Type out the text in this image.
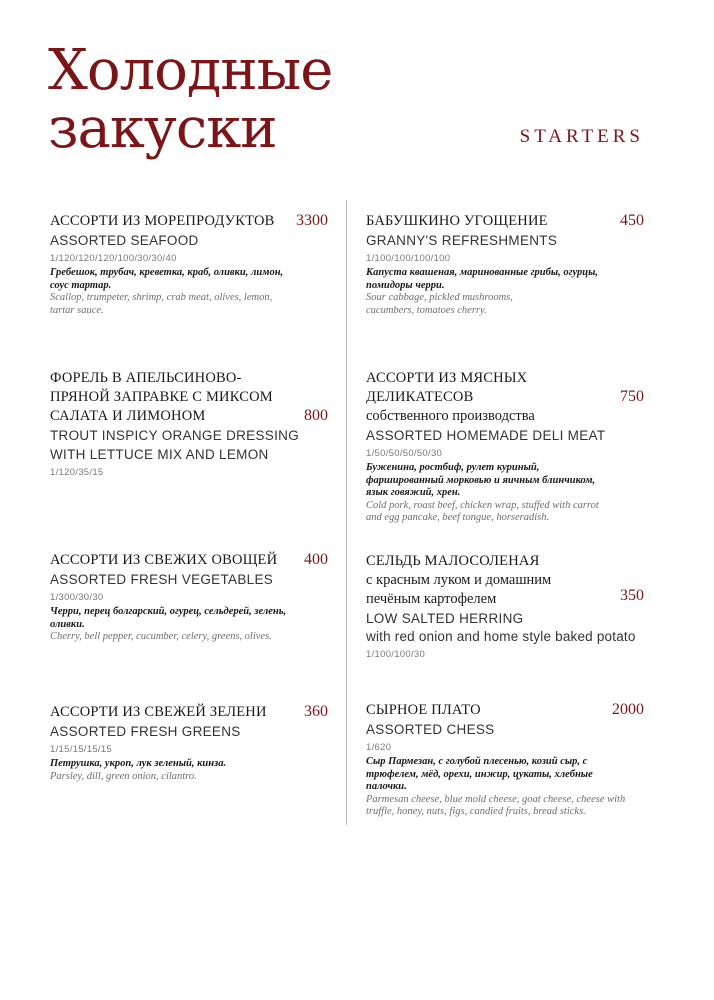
Холодные
закуски	STARTERS
АССОРТИ ИЗ МОРЕПРОДУКТОВ
ASSORTED SEAFOOD
1/120/120/120/100/30/30/40
Гребешок, трубач, креветка, краб, оливки, лимон, соус тартар.
Scallop, trumpeter, shrimp, crab meat, olives, lemon, tartar sauce.
3300
ФОРЕЛЬ В АПЕЛЬСИНОВО-ПРЯНОЙ ЗАПРАВКЕ С МИКСОМ САЛАТА И ЛИМОНОМ
TROUT INSPICY ORANGE DRESSING WITH LETTUCE MIX AND LEMON
1/120/35/15
800
АССОРТИ ИЗ СВЕЖИХ ОВОЩЕЙ
ASSORTED FRESH VEGETABLES
1/300/30/30
Черри, перец болгарский, огурец, сельдерей, зелень, оливки.
Cherry, bell pepper, cucumber, celery, greens, olives.
400
АССОРТИ ИЗ СВЕЖЕЙ ЗЕЛЕНИ
ASSORTED FRESH GREENS
1/15/15/15/15
Петрушка, укроп, лук зеленый, кинза.
Parsley, dill, green onion, cilantro.
360
БАБУШКИНО УГОЩЕНИЕ
GRANNY'S REFRESHMENTS
1/100/100/100/100
Капуста квашеная, маринованные грибы, огурцы, помидоры черри.
Sour cabbage, pickled mushrooms, cucumbers, tomatoes cherry.
450
АССОРТИ ИЗ МЯСНЫХ ДЕЛИКАТЕСОВ
собственного производства
ASSORTED HOMEMADE DELI MEAT
1/50/50/50/50/30
Буженина, ростбиф, рулет куриный, фаршированный морковью и яичным блинчиком, язык говяжий, хрен.
Cold pork, roast beef, chicken wrap, stuffed with carrot and egg pancake, beef tongue, horseradish.
750
СЕЛЬДЬ МАЛОСОЛЕНАЯ
с красным луком и домашним печёным картофелем
LOW SALTED HERRING
with red onion and home style baked potato
1/100/100/30
350
СЫРНОЕ ПЛАТО
ASSORTED CHESS
1/620
Сыр Пармезан, с голубой плесенью, козий сыр, с трюфелем, мёд, орехи, инжир, цукаты, хлебные палочки.
Parmesan cheese, blue mold cheese, goat cheese, cheese with truffle, honey, nuts, figs, candied fruits, bread sticks.
2000
